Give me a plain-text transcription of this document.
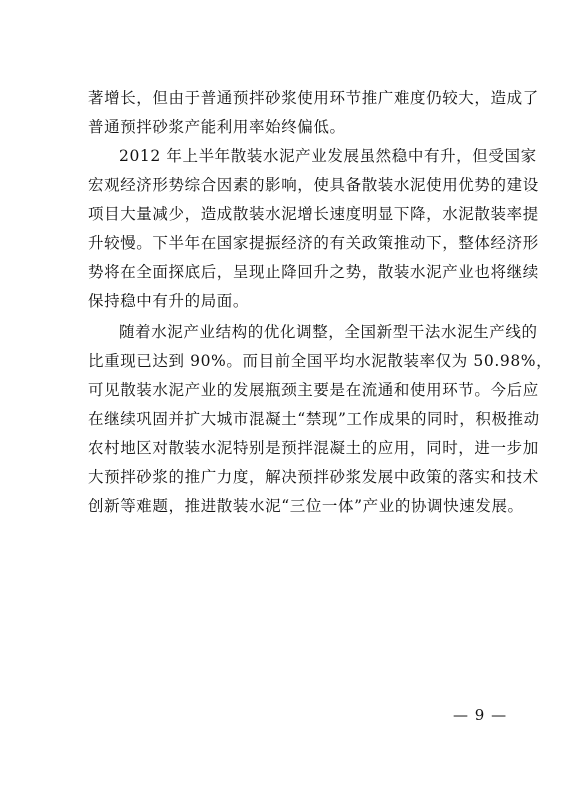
著增长，但由于普通预拌砂浆使用环节推广难度仍较大，造成了
普通预拌砂浆产能利用率始终偏低。
2012 年上半年散装水泥产业发展虽然稳中有升，但受国家
宏观经济形势综合因素的影响，使具备散装水泥使用优势的建设
项目大量减少，造成散装水泥增长速度明显下降，水泥散装率提
升较慢。下半年在国家提振经济的有关政策推动下，整体经济形
势将在全面探底后，呈现止降回升之势，散装水泥产业也将继续
保持稳中有升的局面。
随着水泥产业结构的优化调整，全国新型干法水泥生产线的
比重现已达到 90%。而目前全国平均水泥散装率仅为 50.98%，
可见散装水泥产业的发展瓶颈主要是在流通和使用环节。今后应
在继续巩固并扩大城市混凝土“禁现”工作成果的同时，积极推动
农村地区对散装水泥特别是预拌混凝土的应用，同时，进一步加
大预拌砂浆的推广力度，解决预拌砂浆发展中政策的落实和技术
创新等难题，推进散装水泥“三位一体”产业的协调快速发展。
— 9 —
